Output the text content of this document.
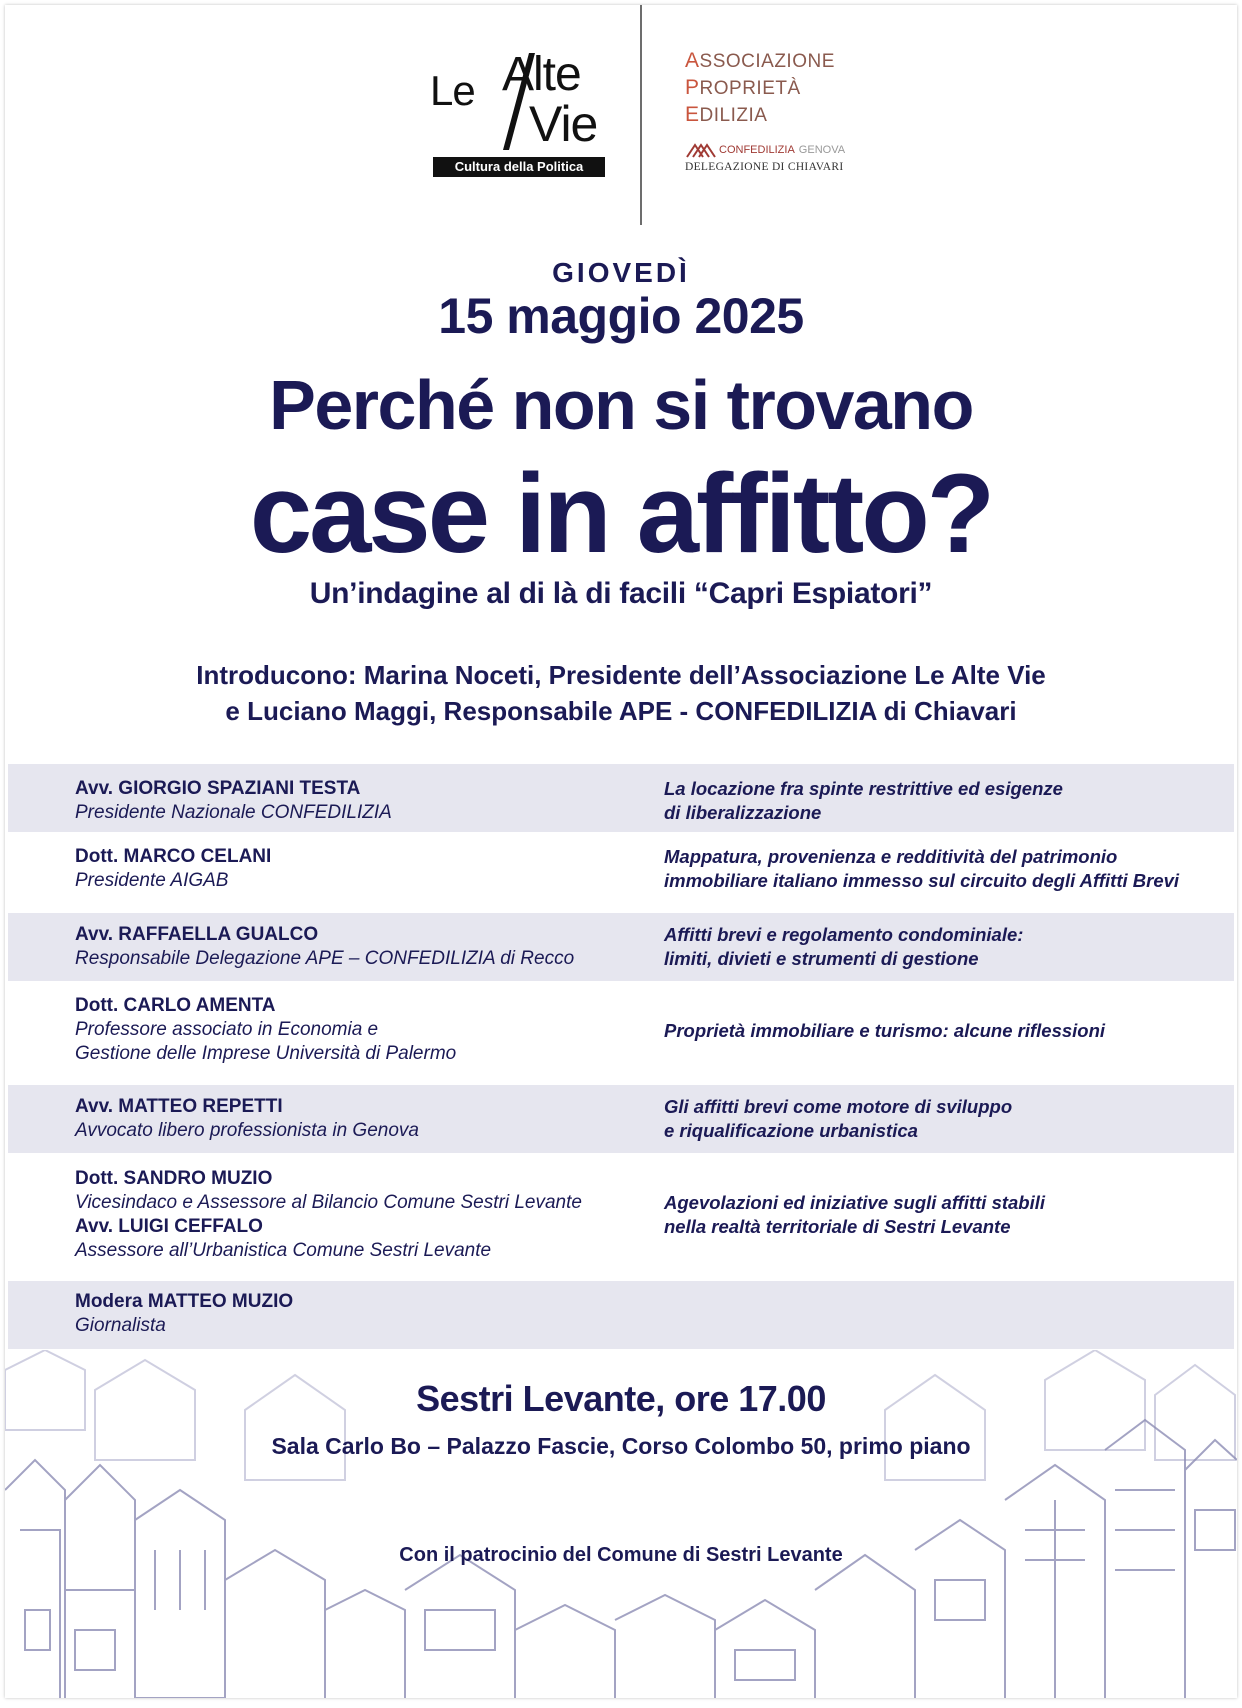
Le Alte
Vie
Cultura della Politica
ASSOCIAZIONE
PROPRIETÀ
EDILIZIA
CONFEDILIZIA GENOVA
DELEGAZIONE DI CHIAVARI
GIOVEDÌ
15 maggio 2025
Perché non si trovano
case in affitto?
Un’indagine al di là di facili “Capri Espiatori”
Introducono: Marina Noceti, Presidente dell’Associazione Le Alte Vie
e Luciano Maggi, Responsabile APE - CONFEDILIZIA di Chiavari
Avv. GIORGIO SPAZIANI TESTA
Presidente Nazionale CONFEDILIZIA
La locazione fra spinte restrittive ed esigenze
di liberalizzazione
Dott. MARCO CELANI
Presidente AIGAB
Mappatura, provenienza e redditività del patrimonio
immobiliare italiano immesso sul circuito degli Affitti Brevi
Avv. RAFFAELLA GUALCO
Responsabile Delegazione APE – CONFEDILIZIA di Recco
Affitti brevi e regolamento condominiale:
limiti, divieti e strumenti di gestione
Dott. CARLO AMENTA
Professore associato in Economia e
Gestione delle Imprese Università di Palermo
Proprietà immobiliare e turismo: alcune riflessioni
Avv. MATTEO REPETTI
Avvocato libero professionista in Genova
Gli affitti brevi come motore di sviluppo
e riqualificazione urbanistica
Dott. SANDRO MUZIO
Vicesindaco e Assessore al Bilancio Comune Sestri Levante
Avv. LUIGI CEFFALO
Assessore all’Urbanistica Comune Sestri Levante
Agevolazioni ed iniziative sugli affitti stabili
nella realtà territoriale di Sestri Levante
Modera MATTEO MUZIO
Giornalista
Sestri Levante, ore 17.00
Sala Carlo Bo – Palazzo Fascie, Corso Colombo 50, primo piano
Con il patrocinio del Comune di Sestri Levante
